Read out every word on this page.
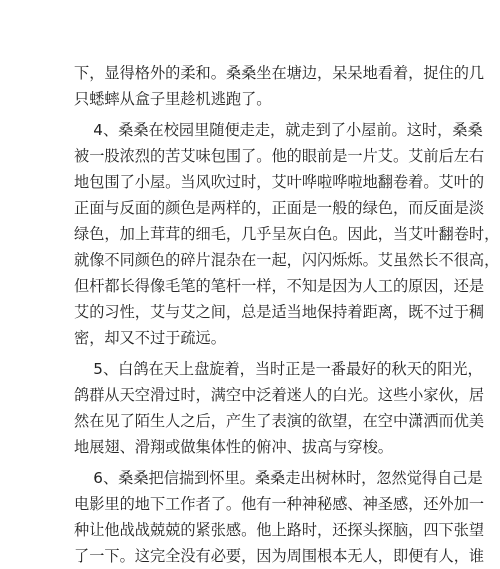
下，显得格外的柔和。桑桑坐在塘边，呆呆地看着，捉住的几
只蟋蟀从盒子里趁机逃跑了。
4、桑桑在校园里随便走走，就走到了小屋前。这时，桑桑
被一股浓烈的苦艾味包围了。他的眼前是一片艾。艾前后左右
地包围了小屋。当风吹过时，艾叶哗啦哗啦地翻卷着。艾叶的
正面与反面的颜色是两样的，正面是一般的绿色，而反面是淡
绿色，加上茸茸的细毛，几乎呈灰白色。因此，当艾叶翻卷时，
就像不同颜色的碎片混杂在一起，闪闪烁烁。艾虽然长不很高，
但杆都长得像毛笔的笔杆一样，不知是因为人工的原因，还是
艾的习性，艾与艾之间，总是适当地保持着距离，既不过于稠
密，却又不过于疏远。
5、白鸽在天上盘旋着，当时正是一番最好的秋天的阳光，
鸽群从天空滑过时，满空中泛着迷人的白光。这些小家伙，居
然在见了陌生人之后，产生了表演的欲望，在空中潇洒而优美
地展翅、滑翔或做集体性的俯冲、拔高与穿梭。
6、桑桑把信揣到怀里。桑桑走出树林时，忽然觉得自己是
电影里的地下工作者了。他有一种神秘感、神圣感，还外加一
种让他战战兢兢的紧张感。他上路时，还探头探脑，四下张望
了一下。这完全没有必要，因为周围根本无人，即便有人，谁
